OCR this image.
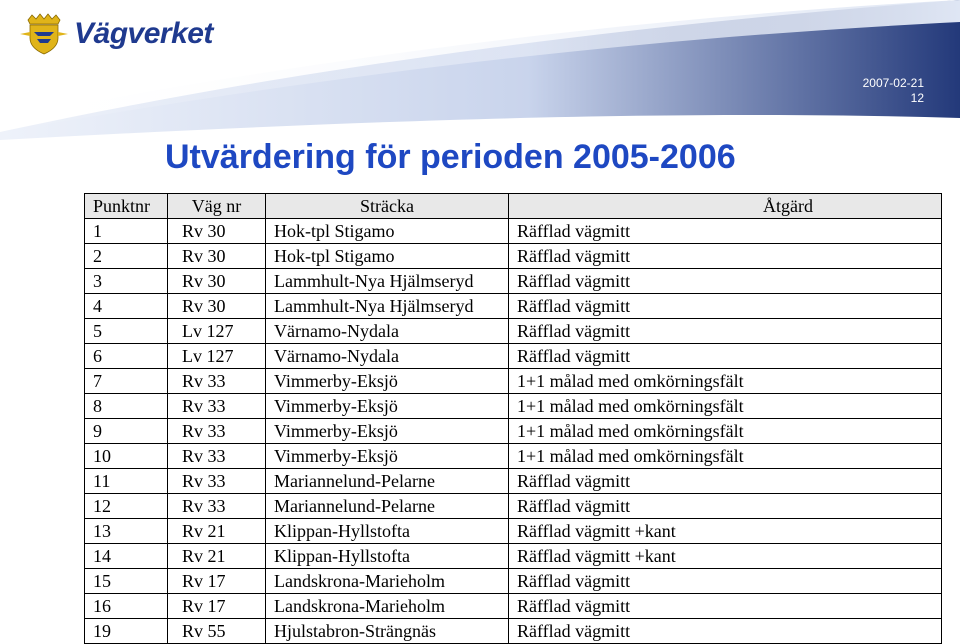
Vägverket
2007-02-21
12
Utvärdering för perioden 2005-2006
Punktnr	Väg nr	Sträcka	Åtgärd
1	Rv 30	Hok-tpl Stigamo	Räfflad vägmitt
2	Rv 30	Hok-tpl Stigamo	Räfflad vägmitt
3	Rv 30	Lammhult-Nya Hjälmseryd	Räfflad vägmitt
4	Rv 30	Lammhult-Nya Hjälmseryd	Räfflad vägmitt
5	Lv 127	Värnamo-Nydala	Räfflad vägmitt
6	Lv 127	Värnamo-Nydala	Räfflad vägmitt
7	Rv 33	Vimmerby-Eksjö	1+1 målad med omkörningsfält
8	Rv 33	Vimmerby-Eksjö	1+1 målad med omkörningsfält
9	Rv 33	Vimmerby-Eksjö	1+1 målad med omkörningsfält
10	Rv 33	Vimmerby-Eksjö	1+1 målad med omkörningsfält
11	Rv 33	Mariannelund-Pelarne	Räfflad vägmitt
12	Rv 33	Mariannelund-Pelarne	Räfflad vägmitt
13	Rv 21	Klippan-Hyllstofta	Räfflad vägmitt +kant
14	Rv 21	Klippan-Hyllstofta	Räfflad vägmitt +kant
15	Rv 17	Landskrona-Marieholm	Räfflad vägmitt
16	Rv 17	Landskrona-Marieholm	Räfflad vägmitt
19	Rv 55	Hjulstabron-Strängnäs	Räfflad vägmitt
